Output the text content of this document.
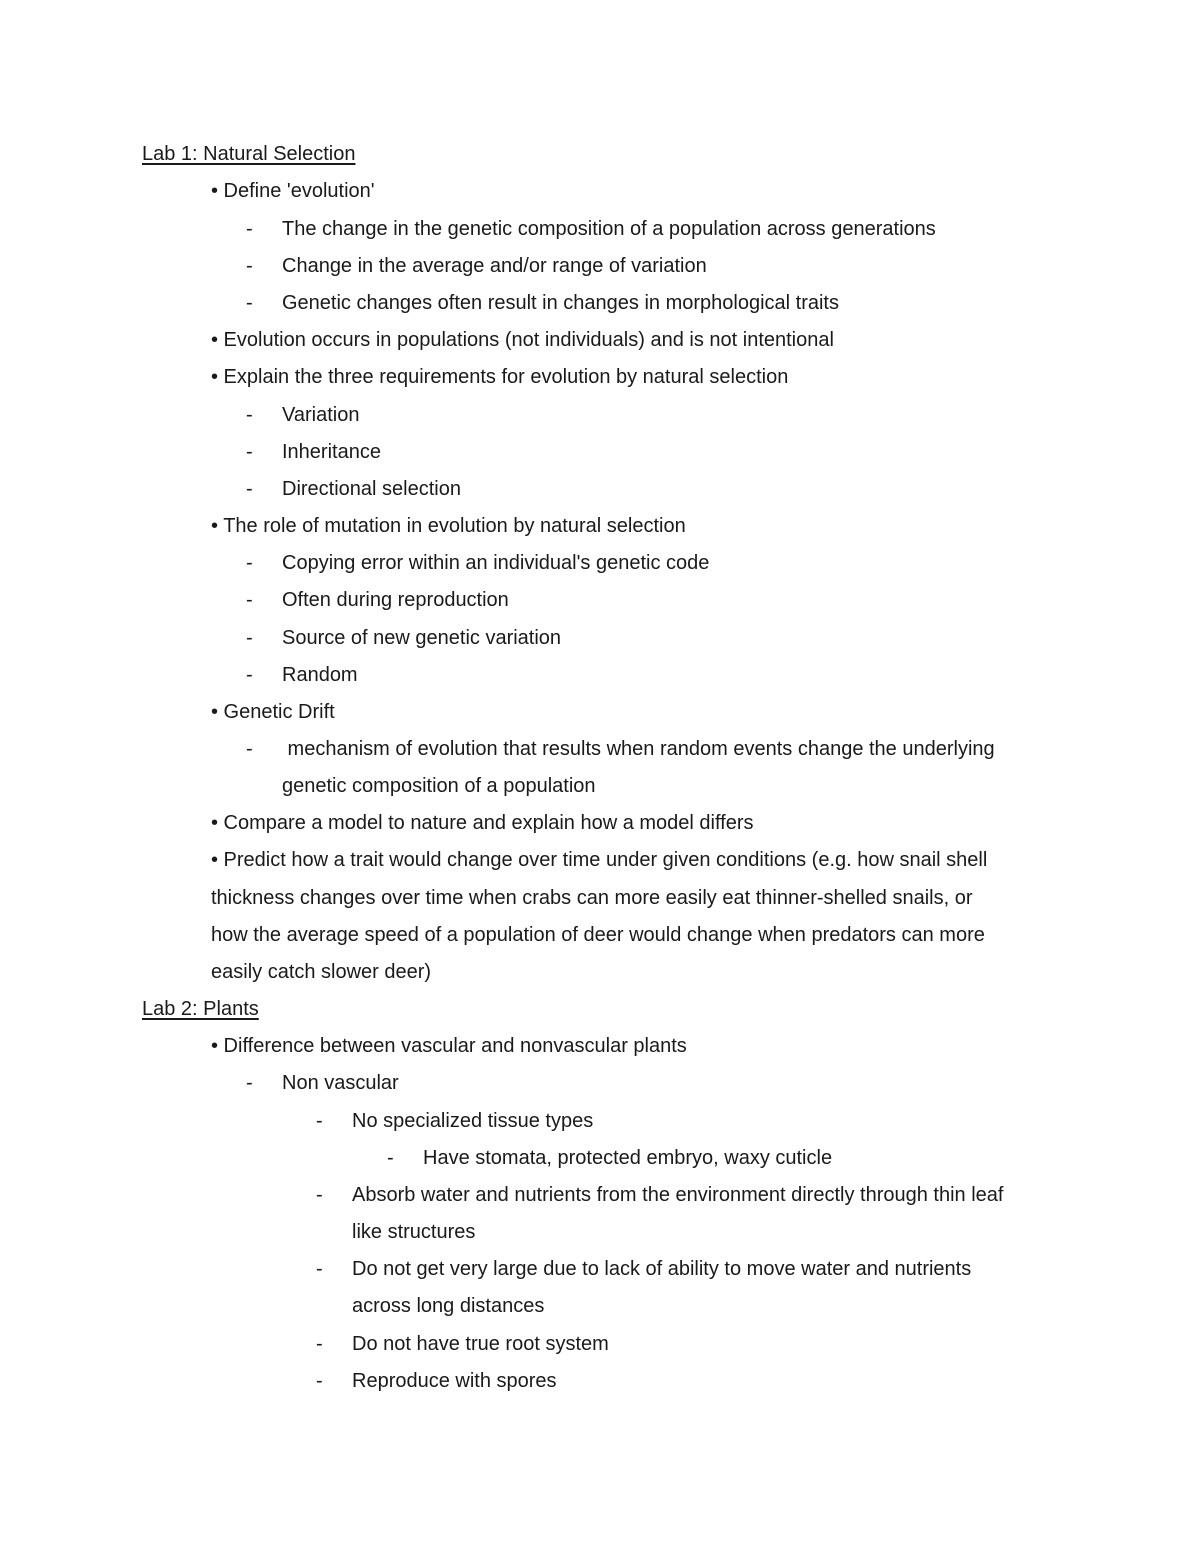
Lab 1: Natural Selection
• Define 'evolution'
- The change in the genetic composition of a population across generations
- Change in the average and/or range of variation
- Genetic changes often result in changes in morphological traits
• Evolution occurs in populations (not individuals) and is not intentional
• Explain the three requirements for evolution by natural selection
- Variation
- Inheritance
- Directional selection
• The role of mutation in evolution by natural selection
- Copying error within an individual's genetic code
- Often during reproduction
- Source of new genetic variation
- Random
• Genetic Drift
- mechanism of evolution that results when random events change the underlying
genetic composition of a population
• Compare a model to nature and explain how a model differs
• Predict how a trait would change over time under given conditions (e.g. how snail shell
thickness changes over time when crabs can more easily eat thinner-shelled snails, or
how the average speed of a population of deer would change when predators can more
easily catch slower deer)
Lab 2: Plants
• Difference between vascular and nonvascular plants
- Non vascular
- No specialized tissue types
- Have stomata, protected embryo, waxy cuticle
- Absorb water and nutrients from the environment directly through thin leaf
like structures
- Do not get very large due to lack of ability to move water and nutrients
across long distances
- Do not have true root system
- Reproduce with spores
